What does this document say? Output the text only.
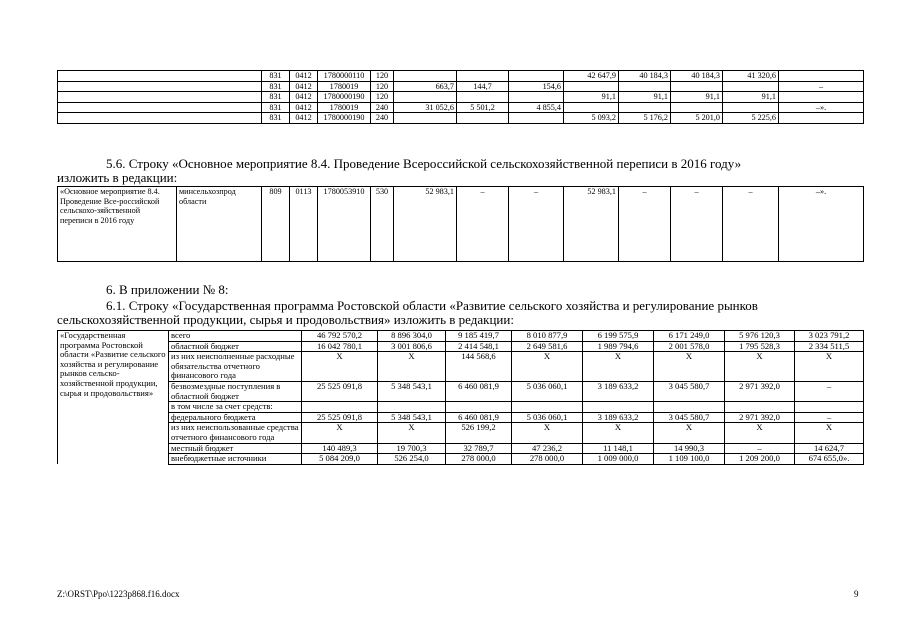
	831	0412	1780000110	120				42 647,9	40 184,3	40 184,3	41 320,6	
	831	0412	1780019	120	663,7	144,7	154,6					–
	831	0412	1780000190	120				91,1	91,1	91,1	91,1	
	831	0412	1780019	240	31 052,6	5 501,2	4 855,4					–».
	831	0412	1780000190	240				5 093,2	5 176,2	5 201,0	5 225,6	

5.6. Строку «Основное мероприятие 8.4. Проведение Всероссийской сельскохозяйственной переписи в 2016 году»

изложить в редакции:

«Основное мероприятие 8.4. Проведение Все-российской сельскохо-зяйственной переписи в 2016 году	минсельхозпрод области	809	0113	1780053910	530	52 983,1	–	–	52 983,1	–	–	–	–».

6. В приложении № 8:

6.1. Строку «Государственная программа Ростовской области «Развитие сельского хозяйства и регулирование рынков

сельскохозяйственной продукции, сырья и продовольствия» изложить в редакции:

«Государственная программа Ростовской области «Развитие сельского хозяйства и регулирование рынков сельско-хозяйственной продукции, сырья и продовольствия»	всего	46 792 570,2	8 896 304,0	9 185 419,7	8 010 877,9	6 199 575,9	6 171 249,0	5 976 120,3	3 023 791,2
	областной бюджет	16 042 780,1	3 001 806,6	2 414 548,1	2 649 581,6	1 989 794,6	2 001 578,0	1 795 528,3	2 334 511,5
	из них неисполненные расходные обязательства отчетного финансового года	X	X	144 568,6	X	X	X	X	X
	безвозмездные поступления в областной бюджет	25 525 091,8	5 348 543,1	6 460 081,9	5 036 060,1	3 189 633,2	3 045 580,7	2 971 392,0	–
	в том числе за счет средств:								
	федерального бюджета	25 525 091,8	5 348 543,1	6 460 081,9	5 036 060,1	3 189 633,2	3 045 580,7	2 971 392,0	–
	из них неиспользованные средства отчетного финансового года	X	X	526 199,2	X	X	X	X	X
	местный бюджет	140 489,3	19 700,3	32 789,7	47 236,2	11 148,1	14 990,3	–	14 624,7
	внебюджетные источники	5 084 209,0	526 254,0	278 000,0	278 000,0	1 009 000,0	1 109 100,0	1 209 200,0	674 655,0».
Z:\ORST\Ppo\1223p868.f16.docx	9
